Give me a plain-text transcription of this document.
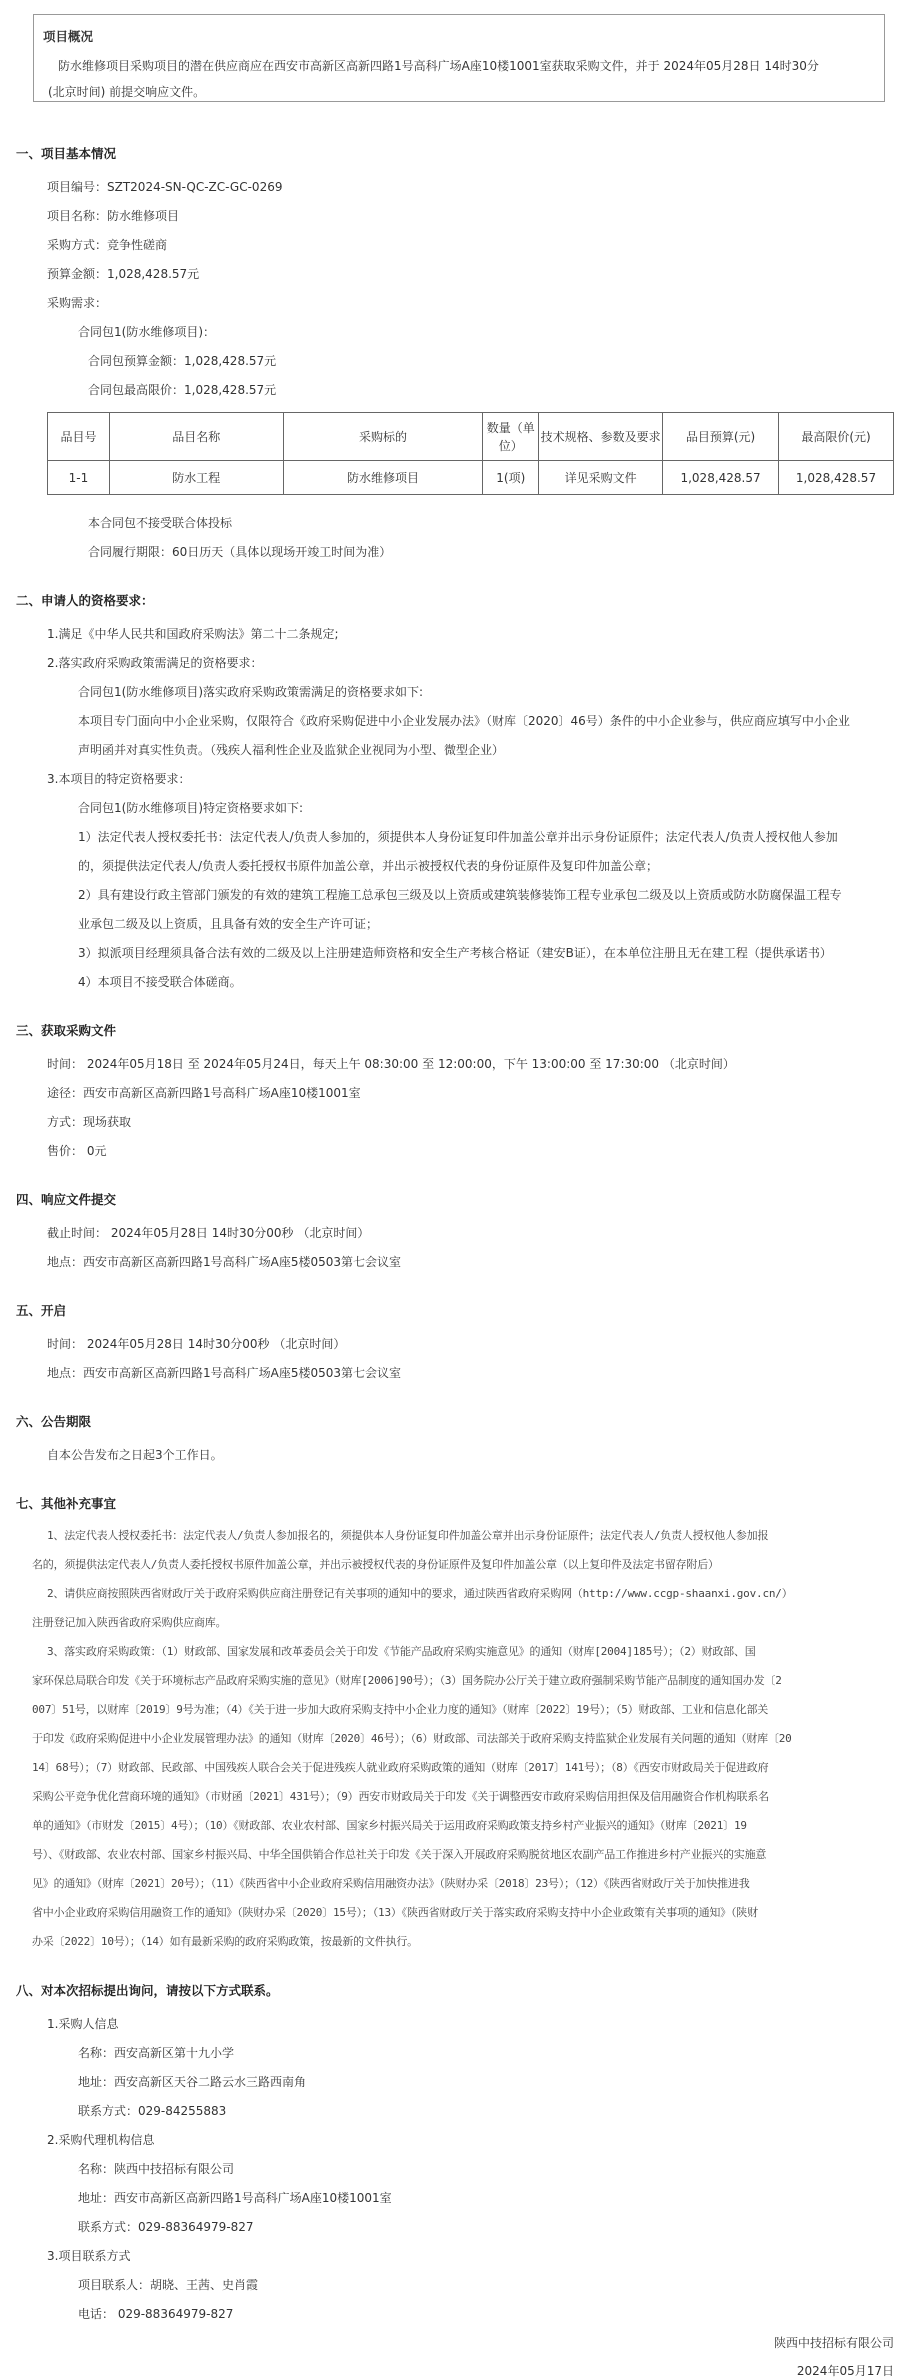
项目概况
防水维修项目采购项目的潜在供应商应在西安市高新区高新四路1号高科广场A座10楼1001室获取采购文件，并于 2024年05月28日 14时30分
(北京时间) 前提交响应文件。
一、项目基本情况
项目编号：SZT2024-SN-QC-ZC-GC-0269
项目名称：防水维修项目
采购方式：竞争性磋商
预算金额：1,028,428.57元
采购需求：
合同包1(防水维修项目)：
合同包预算金额：1,028,428.57元
合同包最高限价：1,028,428.57元
品目号	品目名称	采购标的	数量（单位）	技术规格、参数及要求	品目预算(元)	最高限价(元)
1-1	防水工程	防水维修项目	1(项)	详见采购文件	1,028,428.57	1,028,428.57
本合同包不接受联合体投标
合同履行期限：60日历天（具体以现场开竣工时间为准）
二、申请人的资格要求：
1.满足《中华人民共和国政府采购法》第二十二条规定;
2.落实政府采购政策需满足的资格要求：
合同包1(防水维修项目)落实政府采购政策需满足的资格要求如下:
本项目专门面向中小企业采购，仅限符合《政府采购促进中小企业发展办法》（财库〔2020〕46号）条件的中小企业参与，供应商应填写中小企业
声明函并对真实性负责。（残疾人福利性企业及监狱企业视同为小型、微型企业）
3.本项目的特定资格要求：
合同包1(防水维修项目)特定资格要求如下:
1）法定代表人授权委托书：法定代表人/负责人参加的，须提供本人身份证复印件加盖公章并出示身份证原件；法定代表人/负责人授权他人参加
的，须提供法定代表人/负责人委托授权书原件加盖公章，并出示被授权代表的身份证原件及复印件加盖公章；
2）具有建设行政主管部门颁发的有效的建筑工程施工总承包三级及以上资质或建筑装修装饰工程专业承包二级及以上资质或防水防腐保温工程专
业承包二级及以上资质，且具备有效的安全生产许可证；
3）拟派项目经理须具备合法有效的二级及以上注册建造师资格和安全生产考核合格证（建安B证），在本单位注册且无在建工程（提供承诺书）
4）本项目不接受联合体磋商。
三、获取采购文件
时间： 2024年05月18日 至 2024年05月24日，每天上午 08:30:00 至 12:00:00，下午 13:00:00 至 17:30:00 （北京时间）
途径：西安市高新区高新四路1号高科广场A座10楼1001室
方式：现场获取
售价： 0元
四、响应文件提交
截止时间： 2024年05月28日 14时30分00秒 （北京时间）
地点：西安市高新区高新四路1号高科广场A座5楼0503第七会议室
五、开启
时间： 2024年05月28日 14时30分00秒 （北京时间）
地点：西安市高新区高新四路1号高科广场A座5楼0503第七会议室
六、公告期限
自本公告发布之日起3个工作日。
七、其他补充事宜
1、法定代表人授权委托书：法定代表人/负责人参加报名的，须提供本人身份证复印件加盖公章并出示身份证原件；法定代表人/负责人授权他人参加报
名的，须提供法定代表人/负责人委托授权书原件加盖公章，并出示被授权代表的身份证原件及复印件加盖公章（以上复印件及法定书留存附后）
2、请供应商按照陕西省财政厅关于政府采购供应商注册登记有关事项的通知中的要求，通过陕西省政府采购网（http://www.ccgp-shaanxi.gov.cn/）
注册登记加入陕西省政府采购供应商库。
3、落实政府采购政策：（1）财政部、国家发展和改革委员会关于印发《节能产品政府采购实施意见》的通知（财库[2004]185号）；（2）财政部、国
家环保总局联合印发《关于环境标志产品政府采购实施的意见》（财库[2006]90号）；（3）国务院办公厅关于建立政府强制采购节能产品制度的通知国办发〔2
007〕51号，以财库〔2019〕9号为准；（4）《关于进一步加大政府采购支持中小企业力度的通知》（财库〔2022〕19号）；（5）财政部、工业和信息化部关
于印发《政府采购促进中小企业发展管理办法》的通知（财库〔2020〕46号）；（6）财政部、司法部关于政府采购支持监狱企业发展有关问题的通知（财库〔20
14〕68号）；（7）财政部、民政部、中国残疾人联合会关于促进残疾人就业政府采购政策的通知（财库〔2017〕141号）；（8）《西安市财政局关于促进政府
采购公平竞争优化营商环境的通知》（市财函〔2021〕431号）；（9）西安市财政局关于印发《关于调整西安市政府采购信用担保及信用融资合作机构联系名
单的通知》（市财发〔2015〕4号）；（10）《财政部、农业农村部、国家乡村振兴局关于运用政府采购政策支持乡村产业振兴的通知》（财库〔2021〕19
号）、《财政部、农业农村部、国家乡村振兴局、中华全国供销合作总社关于印发《关于深入开展政府采购脱贫地区农副产品工作推进乡村产业振兴的实施意
见》的通知》（财库〔2021〕20号）；（11）《陕西省中小企业政府采购信用融资办法》（陕财办采〔2018〕23号）；（12）《陕西省财政厅关于加快推进我
省中小企业政府采购信用融资工作的通知》（陕财办采〔2020〕15号）；（13）《陕西省财政厅关于落实政府采购支持中小企业政策有关事项的通知》（陕财
办采〔2022〕10号）；（14）如有最新采购的政府采购政策，按最新的文件执行。
八、对本次招标提出询问，请按以下方式联系。
1.采购人信息
名称：西安高新区第十九小学
地址：西安高新区天谷二路云水三路西南角
联系方式：029-84255883
2.采购代理机构信息
名称：陕西中技招标有限公司
地址：西安市高新区高新四路1号高科广场A座10楼1001室
联系方式：029-88364979-827
3.项目联系方式
项目联系人：胡晓、王茜、史肖霞
电话： 029-88364979-827
陕西中技招标有限公司
2024年05月17日
